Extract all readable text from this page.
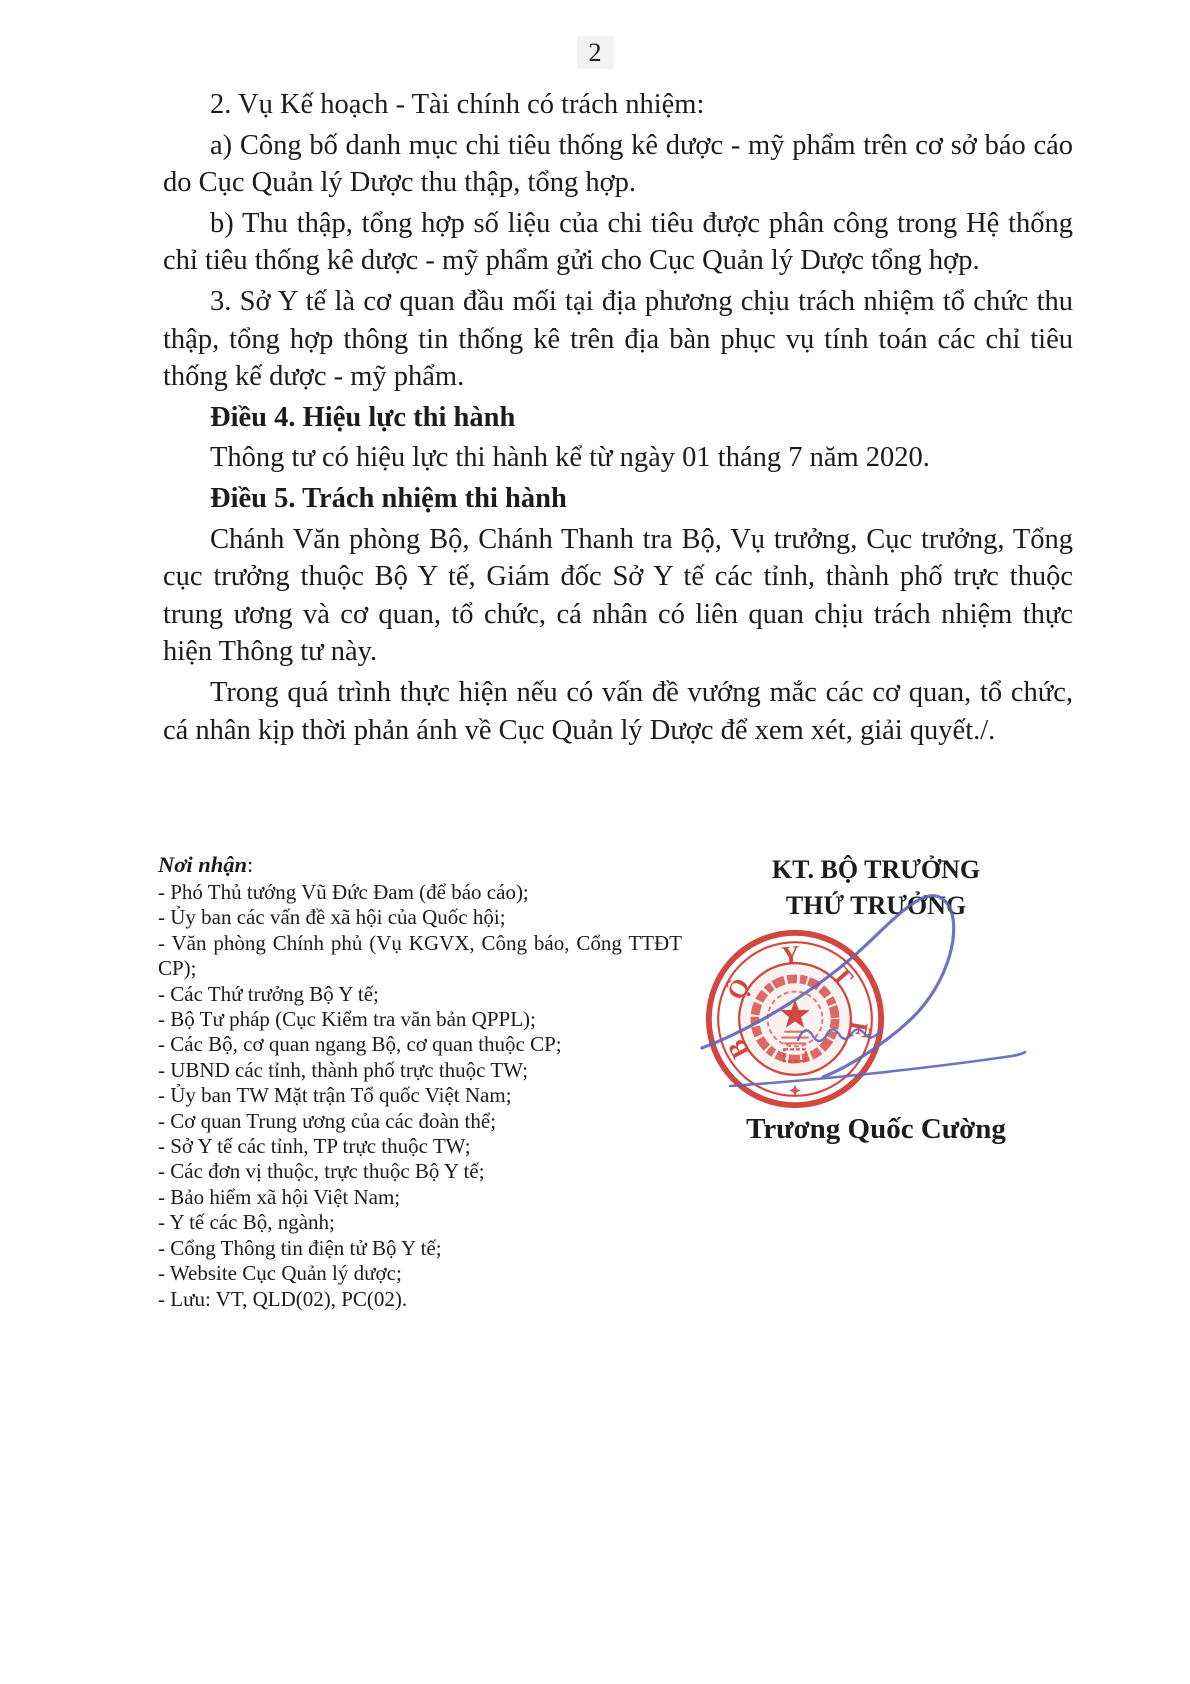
2

2. Vụ Kế hoạch - Tài chính có trách nhiệm:

a) Công bố danh mục chi tiêu thống kê dược - mỹ phẩm trên cơ sở báo cáo do Cục Quản lý Dược thu thập, tổng hợp.

b) Thu thập, tổng hợp số liệu của chi tiêu được phân công trong Hệ thống chỉ tiêu thống kê dược - mỹ phẩm gửi cho Cục Quản lý Dược tổng hợp.

3. Sở Y tế là cơ quan đầu mối tại địa phương chịu trách nhiệm tổ chức thu thập, tổng hợp thông tin thống kê trên địa bàn phục vụ tính toán các chỉ tiêu thống kế dược - mỹ phẩm.

Điều 4. Hiệu lực thi hành

Thông tư có hiệu lực thi hành kể từ ngày 01 tháng 7 năm 2020.

Điều 5. Trách nhiệm thi hành

Chánh Văn phòng Bộ, Chánh Thanh tra Bộ, Vụ trưởng, Cục trưởng, Tổng cục trưởng thuộc Bộ Y tế, Giám đốc Sở Y tế các tỉnh, thành phố trực thuộc trung ương và cơ quan, tổ chức, cá nhân có liên quan chịu trách nhiệm thực hiện Thông tư này.

Trong quá trình thực hiện nếu có vấn đề vướng mắc các cơ quan, tổ chức, cá nhân kịp thời phản ánh về Cục Quản lý Dược để xem xét, giải quyết./.

Nơi nhận:
- Phó Thủ tướng Vũ Đức Đam (để báo cáo);
- Ủy ban các vấn đề xã hội của Quốc hội;
- Văn phòng Chính phủ (Vụ KGVX, Công báo, Cổng TTĐT CP);
- Các Thứ trưởng Bộ Y tế;
- Bộ Tư pháp (Cục Kiểm tra văn bản QPPL);
- Các Bộ, cơ quan ngang Bộ, cơ quan thuộc CP;
- UBND các tỉnh, thành phố trực thuộc TW;
- Ủy ban TW Mặt trận Tổ quốc Việt Nam;
- Cơ quan Trung ương của các đoàn thể;
- Sở Y tế các tỉnh, TP trực thuộc TW;
- Các đơn vị thuộc, trực thuộc Bộ Y tế;
- Bảo hiểm xã hội Việt Nam;
- Y tế các Bộ, ngành;
- Cổng Thông tin điện tử Bộ Y tế;
- Website Cục Quản lý dược;
- Lưu: VT, QLD(02), PC(02).
KT. BỘ TRƯỞNG
THỨ TRƯỞNG
B
Ộ
Y
T
Ế
Trương Quốc Cường
